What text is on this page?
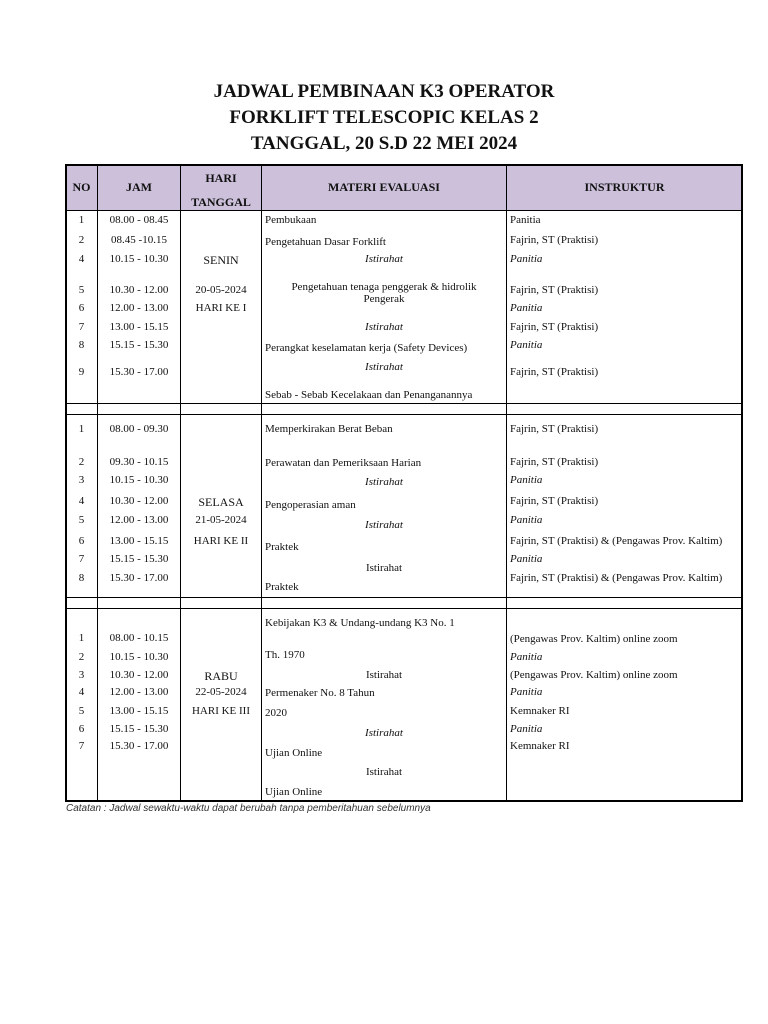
JADWAL PEMBINAAN K3 OPERATOR
FORKLIFT TELESCOPIC KELAS 2
TANGGAL, 20 S.D 22 MEI 2024
NO	JAM
HARI
TANGGAL
MATERI EVALUASI	INSTRUKTUR
1
2
4
5
6
7
8
9
08.00 - 08.45
08.45 -10.15
10.15 - 10.30
10.30 - 12.00
12.00 - 13.00
13.00 - 15.15
15.15 - 15.30
15.30 - 17.00
SENIN
20-05-2024
HARI KE I
Pembukaan
Pengetahuan Dasar Forklift
Istirahat
Pengetahuan tenaga penggerak & hidrolik
Pengerak
Istirahat
Perangkat keselamatan kerja (Safety Devices)
Istirahat
Sebab - Sebab Kecelakaan dan Penanganannya
Panitia
Fajrin, ST (Praktisi)
Panitia
Fajrin, ST (Praktisi)
Panitia
Fajrin, ST (Praktisi)
Panitia
Fajrin, ST (Praktisi)
1
2
3
4
5
6
7
8
08.00 - 09.30
09.30 - 10.15
10.15 - 10.30
10.30 - 12.00
12.00 - 13.00
13.00 - 15.15
15.15 - 15.30
15.30 - 17.00
SELASA
21-05-2024
HARI KE II
Memperkirakan Berat Beban
Perawatan dan Pemeriksaan Harian
Istirahat
Pengoperasian aman
Istirahat
Praktek
Istirahat
Praktek
Fajrin, ST (Praktisi)
Fajrin, ST (Praktisi)
Panitia
Fajrin, ST (Praktisi)
Panitia
Fajrin, ST (Praktisi) & (Pengawas Prov. Kaltim)
Panitia
Fajrin, ST (Praktisi) & (Pengawas Prov. Kaltim)
1
2
3
4
5
6
7
08.00 - 10.15
10.15 - 10.30
10.30 - 12.00
12.00 - 13.00
13.00 - 15.15
15.15 - 15.30
15.30 - 17.00
RABU
22-05-2024
HARI KE III
Kebijakan K3 & Undang-undang K3 No. 1
Th. 1970
Istirahat
Permenaker No. 8 Tahun
2020
Istirahat
Ujian Online
Istirahat
Ujian Online
(Pengawas Prov. Kaltim) online zoom
Panitia
(Pengawas Prov. Kaltim) online zoom
Panitia
Kemnaker RI
Panitia
Kemnaker RI
Catatan : Jadwal sewaktu-waktu dapat berubah tanpa pemberitahuan sebelumnya
